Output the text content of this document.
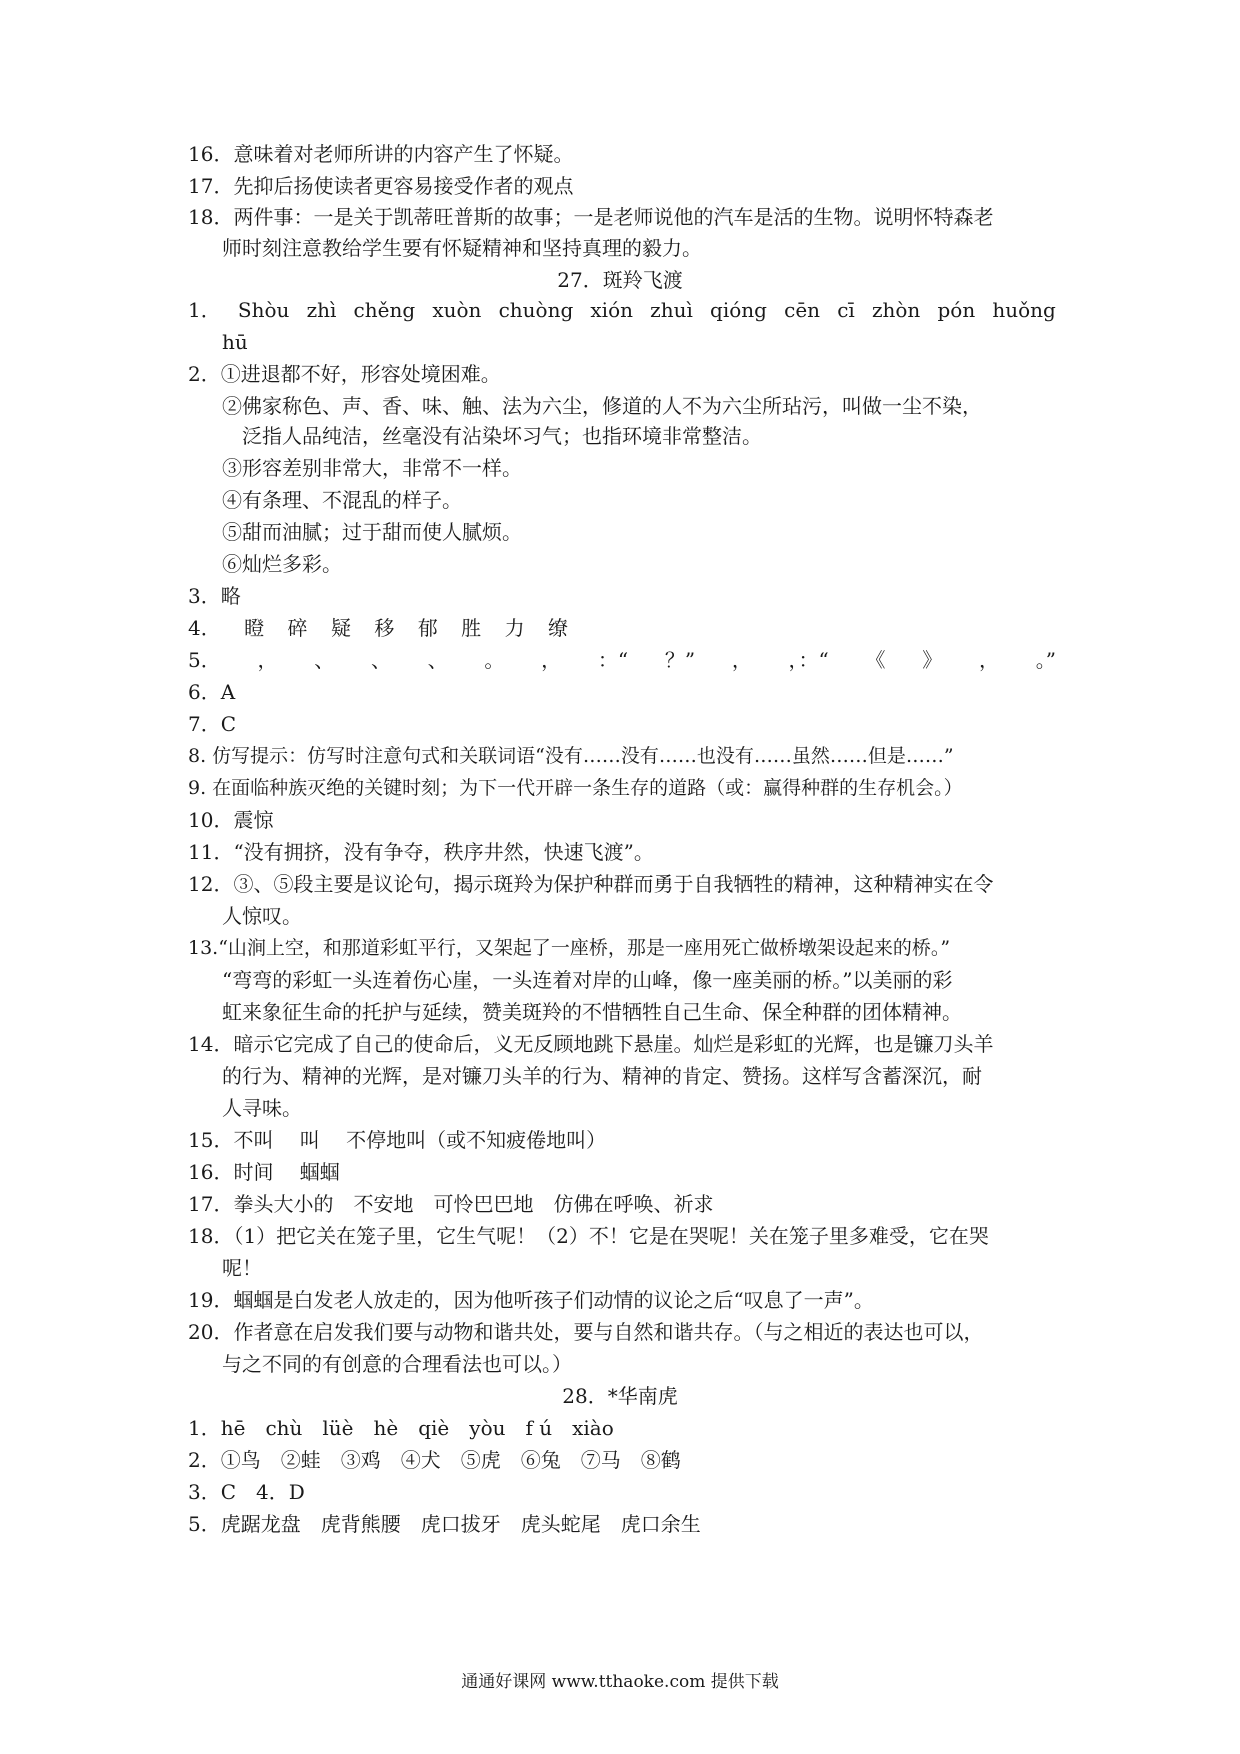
16．意味着对老师所讲的内容产生了怀疑。
17．先抑后扬使读者更容易接受作者的观点
18．两件事：一是关于凯蒂旺普斯的故事；一是老师说他的汽车是活的生物。说明怀特森老
师时刻注意教给学生要有怀疑精神和坚持真理的毅力。
27．斑羚飞渡
1． Shòu zhì chěng xuòn chuòng xión zhuì qióng cēn cī zhòn pón huǒng
hū
2．①进退都不好，形容处境困难。
②佛家称色、声、香、味、触、法为六尘，修道的人不为六尘所玷污，叫做一尘不染，
泛指人品纯洁，丝毫没有沾染坏习气；也指环境非常整洁。
③形容差别非常大，非常不一样。
④有条理、不混乱的样子。
⑤甜而油腻；过于甜而使人腻烦。
⑥灿烂多彩。
3．略
4． 瞪 碎 疑 移 郁 胜 力 缭
5． ， 、 、 、 。 ， ：“ ？” ， ，：“ 《 》 ， 。”
6．A
7．C
8. 仿写提示：仿写时注意句式和关联词语“没有……没有……也没有……虽然……但是……”
9. 在面临种族灭绝的关键时刻；为下一代开辟一条生存的道路（或：赢得种群的生存机会。）
10．震惊
11．“没有拥挤，没有争夺，秩序井然，快速飞渡”。
12．③、⑤段主要是议论句，揭示斑羚为保护种群而勇于自我牺牲的精神，这种精神实在令
人惊叹。
13.“山涧上空，和那道彩虹平行，又架起了一座桥，那是一座用死亡做桥墩架设起来的桥。”
“弯弯的彩虹一头连着伤心崖，一头连着对岸的山峰，像一座美丽的桥。”以美丽的彩
虹来象征生命的托护与延续，赞美斑羚的不惜牺牲自己生命、保全种群的团体精神。
14．暗示它完成了自己的使命后，义无反顾地跳下悬崖。灿烂是彩虹的光辉，也是镰刀头羊
的行为、精神的光辉，是对镰刀头羊的行为、精神的肯定、赞扬。这样写含蓄深沉，耐
人寻味。
15．不叫　 叫　 不停地叫（或不知疲倦地叫）
16．时间　 蝈蝈
17．拳头大小的　不安地　可怜巴巴地　仿佛在呼唤、祈求
18．（1）把它关在笼子里，它生气呢！（2）不！它是在哭呢！关在笼子里多难受，它在哭
呢！
19．蝈蝈是白发老人放走的，因为他听孩子们动情的议论之后“叹息了一声”。
20．作者意在启发我们要与动物和谐共处，要与自然和谐共存。（与之相近的表达也可以，
与之不同的有创意的合理看法也可以。）
28．*华南虎
1．hē　chù　lüè　hè　qiè　yòu　f ú　xiào
2．①鸟　②蛙　③鸡　④犬　⑤虎　⑥兔　⑦马　⑧鹤
3．C　4．D
5．虎踞龙盘　虎背熊腰　虎口拔牙　虎头蛇尾　虎口余生
通通好课网 www.tthaoke.com 提供下载
